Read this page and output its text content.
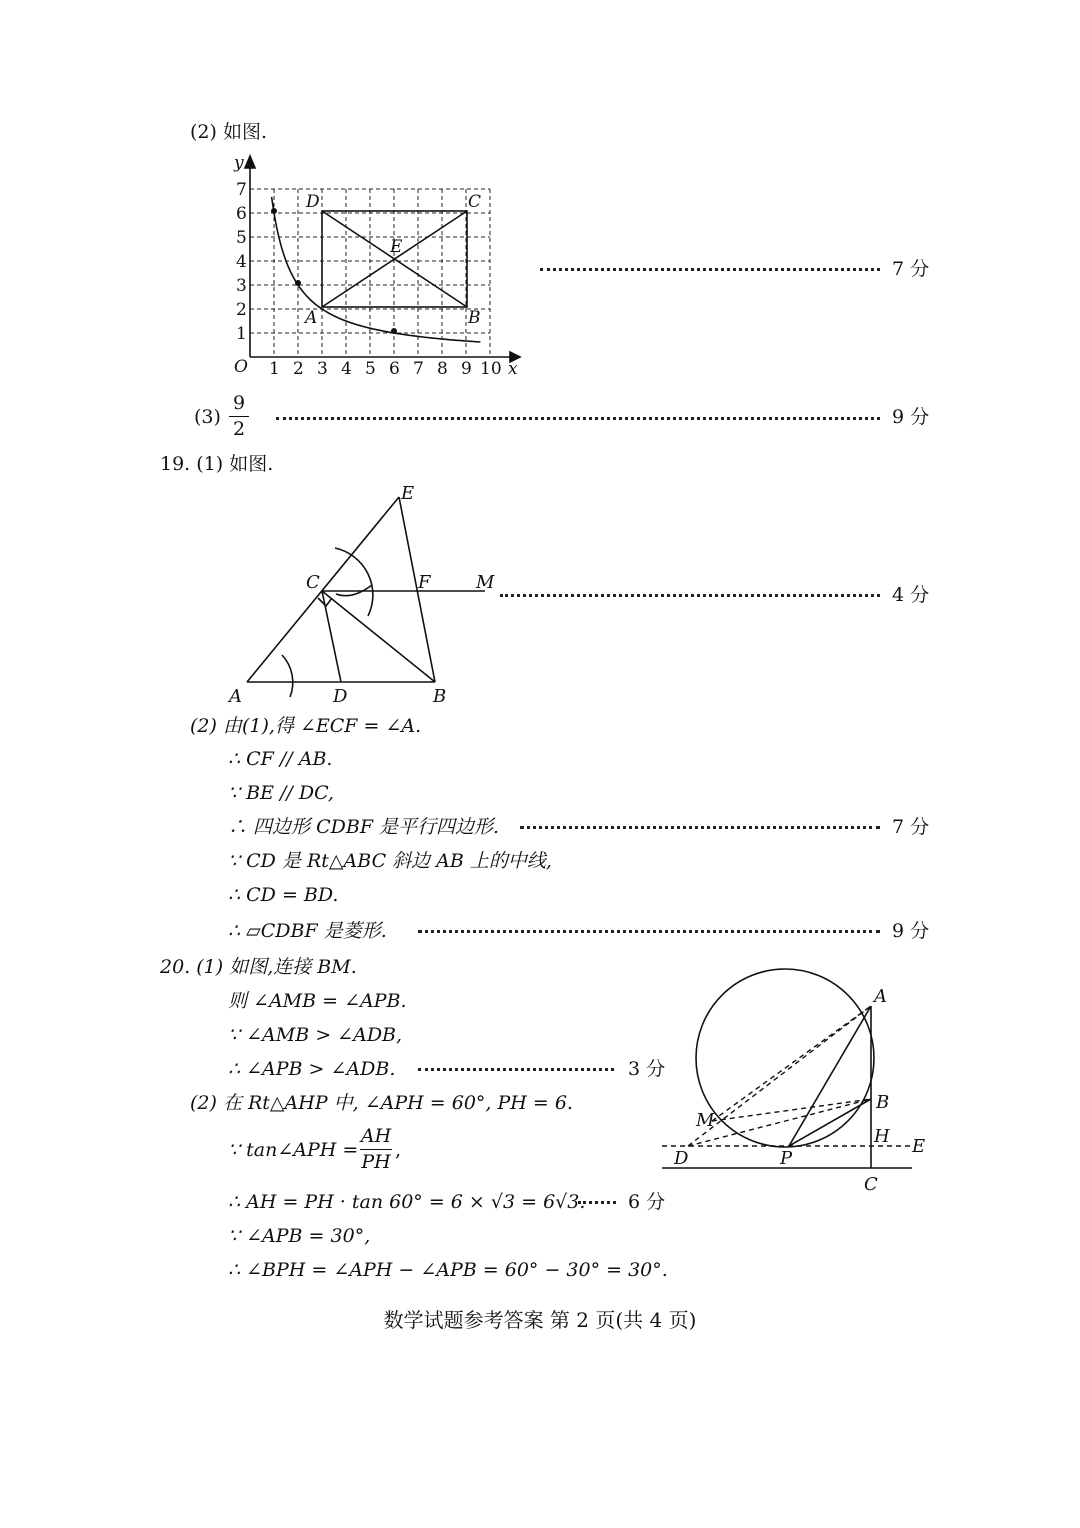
(2) 如图.
y
x
O
1
2
3
4
5
6
7
1 2 3 4 5 6 7 8 9 10
D	C
E
A	B
7 分
(3)
9
2
9 分
19. (1) 如图.
E
C	F	M
A	D	B
4 分
(2) 由(1),得 ∠ECF = ∠A.
∴ CF // AB.
∵ BE // DC,
∴ 四边形 CDBF 是平行四边形.	7 分
∵ CD 是 Rt△ABC 斜边 AB 上的中线,
∴ CD = BD.
∴ ▱CDBF 是菱形.	9 分
20. (1) 如图,连接 BM.
则 ∠AMB = ∠APB.
∵ ∠AMB > ∠ADB,
∴ ∠APB > ∠ADB.	3 分
(2) 在 Rt△AHP 中, ∠APH = 60°, PH = 6.
∵ tan∠APH =
AH
PH
,
∴ AH = PH · tan 60° = 6 × √3 = 6√3. 6 分
∵ ∠APB = 30°,
∴ ∠BPH = ∠APH − ∠APB = 60° − 30° = 30°.
A
M
B
H E
D	P
C
数学试题参考答案 第 2 页(共 4 页)
